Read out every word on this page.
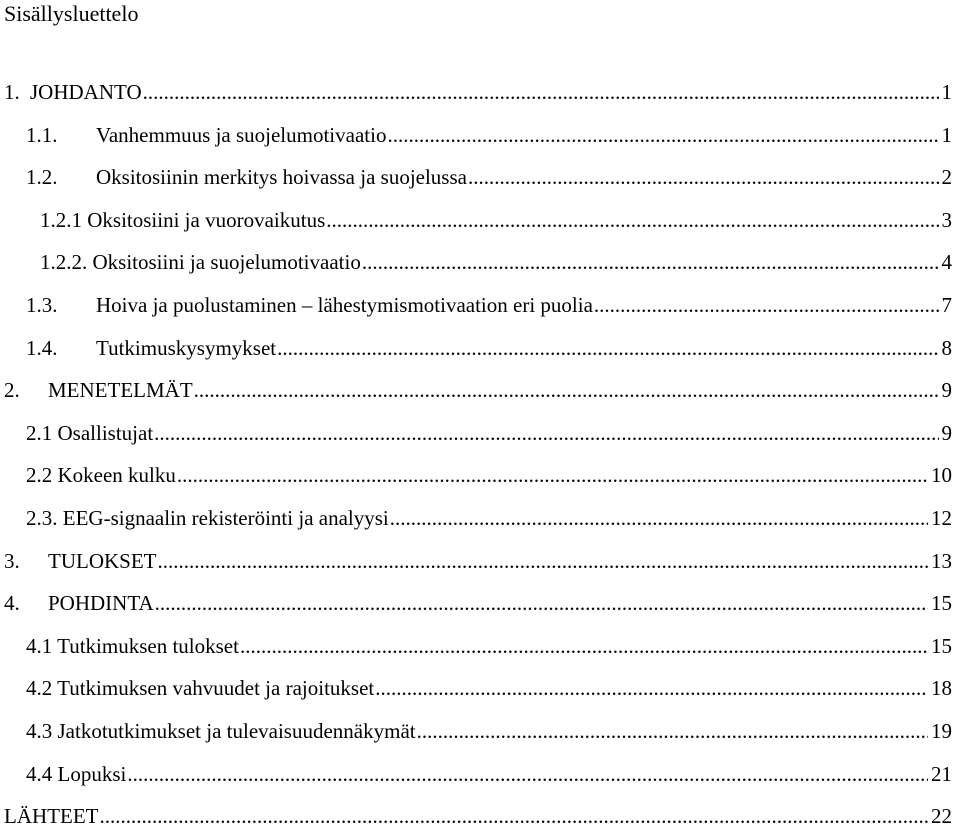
Sisällysluettelo
1. JOHDANTO .....	1
1.1.	Vanhemmuus ja suojelumotivaatio .....	1
1.2.	Oksitosiinin merkitys hoivassa ja suojelussa .....	2
1.2.1 Oksitosiini ja vuorovaikutus .....	3
1.2.2. Oksitosiini ja suojelumotivaatio .....	4
1.3.	Hoiva ja puolustaminen – lähestymismotivaation eri puolia .....	7
1.4.	Tutkimuskysymykset .....	8
2.	MENETELMÄT .....	9
2.1 Osallistujat .....	9
2.2 Kokeen kulku .....	10
2.3. EEG-signaalin rekisteröinti ja analyysi .....	12
3.	TULOKSET .....	13
4.	POHDINTA .....	15
4.1 Tutkimuksen tulokset .....	15
4.2 Tutkimuksen vahvuudet ja rajoitukset .....	18
4.3 Jatkotutkimukset ja tulevaisuudennäkymät .....	19
4.4 Lopuksi .....	21
LÄHTEET .....	22
